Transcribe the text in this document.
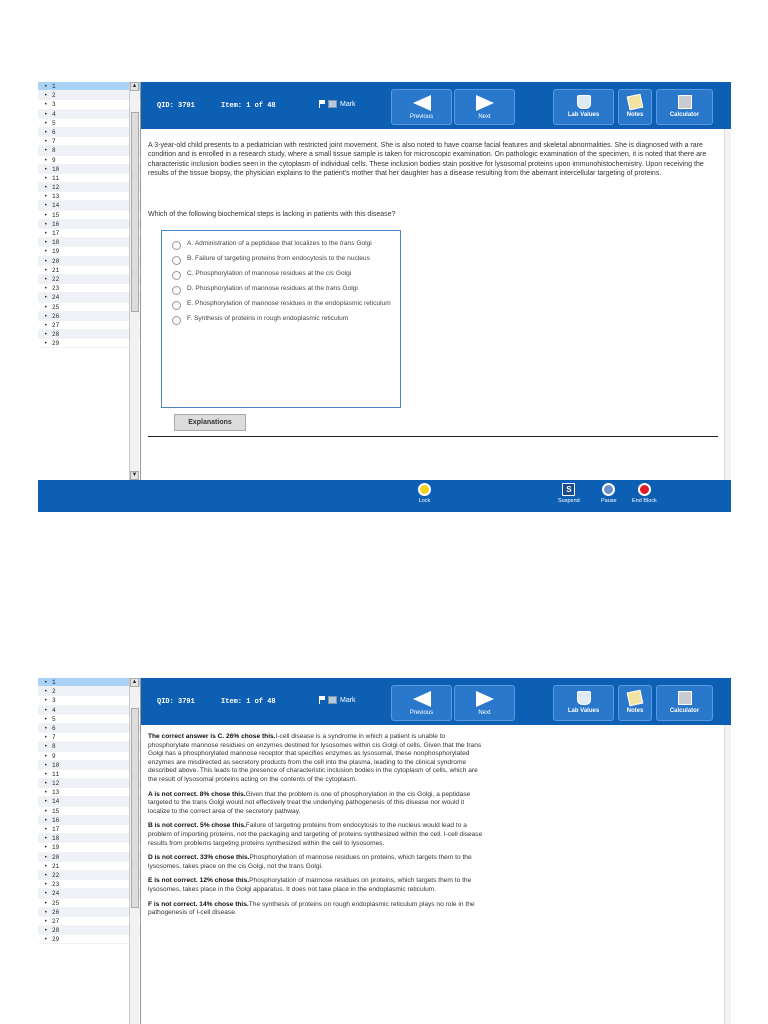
• 1
• 2
• 3
• 4
• 5
• 6
• 7
• 8
• 9
• 10
• 11
• 12
• 13
• 14
• 15
• 16
• 17
• 18
• 19
• 20
• 21
• 22
• 23
• 24
• 25
• 26
• 27
• 28
• 29
▲
▼
QID: 3791	Item: 1 of 48	Mark
Previous	Next	Lab Values	Notes	Calculator
A 3-year-old child presents to a pediatrician with restricted joint movement. She is also noted to have coarse facial features and skeletal abnormalities. She is diagnosed with a rare condition and is enrolled in a research study, where a small tissue sample is taken for microscopic examination. On pathologic examination of the specimen, it is noted that there are characteristic inclusion bodies seen in the cytoplasm of individual cells. These inclusion bodies stain positive for lysosomal proteins upon immunohistochemistry. Upon receiving the results of the tissue biopsy, the physician explains to the patient's mother that her daughter has a disease resulting from the aberrant intercellular targeting of proteins.
Which of the following biochemical steps is lacking in patients with this disease?
A. Administration of a peptidase that localizes to the trans Golgi
B. Failure of targeting proteins from endocytosis to the nucleus
C. Phosphorylation of mannose residues at the cis Golgi
D. Phosphorylation of mannose residues at the trans Golgi
E. Phosphorylation of mannose residues in the endoplasmic reticulum
F. Synthesis of proteins in rough endoplasmic reticulum
Explanations
Lock
S
Suspend	Pause	End Block
• 1
• 2
• 3
• 4
• 5
• 6
• 7
• 8
• 9
• 10
• 11
• 12
• 13
• 14
• 15
• 16
• 17
• 18
• 19
• 20
• 21
• 22
• 23
• 24
• 25
• 26
• 27
• 28
• 29
▲
QID: 3791	Item: 1 of 48	Mark
Previous	Next	Lab Values	Notes	Calculator

The correct answer is C. 26% chose this.I-cell disease is a syndrome in which a patient is unable to phosphorylate mannose residues on enzymes destined for lysosomes within cis Golgi of cells. Given that the trans Golgi has a phosphorylated mannose receptor that specifies enzymes as lysosomal, these nonphosphorylated enzymes are misdirected as secretory products from the cell into the plasma, leading to the clinical syndrome described above. This leads to the presence of characteristic inclusion bodies in the cytoplasm of cells, which are the result of lysosomal proteins acting on the contents of the cytoplasm.

A is not correct. 8% chose this.Given that the problem is one of phosphorylation in the cis Golgi, a peptidase targeted to the trans Golgi would not effectively treat the underlying pathogenesis of this disease nor would it localize to the correct area of the secretory pathway.

B is not correct. 5% chose this.Failure of targeting proteins from endocytosis to the nucleus would lead to a problem of importing proteins, not the packaging and targeting of proteins synthesized within the cell. I-cell disease results from problems targeting proteins synthesized within the cell to lysosomes.

D is not correct. 33% chose this.Phosphorylation of mannose residues on proteins, which targets them to the lysosomes, takes place on the cis Golgi, not the trans Golgi.

E is not correct. 12% chose this.Phosphorylation of mannose residues on proteins, which targets them to the lysosomes, takes place in the Golgi apparatus. It does not take place in the endoplasmic reticulum.

F is not correct. 14% chose this.The synthesis of proteins on rough endoplasmic reticulum plays no role in the pathogenesis of I-cell disease.
